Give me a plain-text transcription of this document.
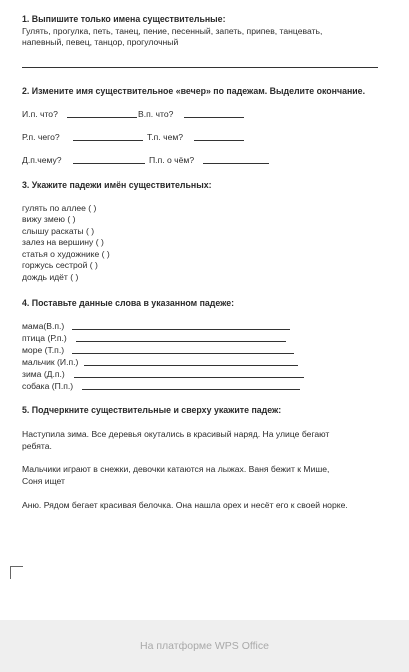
1. Выпишите только имена существительные:
Гулять, прогулка, петь, танец, пение, песенный, запеть, припев, танцевать,
напевный, певец, танцор, прогулочный
2. Измените имя существительное «вечер» по падежам. Выделите окончание.
И.п. что?	В.п. что?
Р.п. чего?	Т.п. чем?
Д.п.чему?	П.п. о чём?
3. Укажите падежи имён существительных:
гулять по аллее ( )
вижу змею ( )
слышу раскаты ( )
залез на вершину ( )
статья о художнике ( )
горжусь сестрой ( )
дождь идёт ( )
4. Поставьте данные слова в указанном падеже:
мама(В.п.)
птица (Р.п.)
море (Т.п.)
мальчик (И.п.)
зима (Д.п.)
собака (П.п.)
5. Подчеркните существительные и сверху укажите падеж:
Наступила зима. Все деревья окутались в красивый наряд. На улице бегают
ребята.
Мальчики играют в снежки, девочки катаются на лыжах. Ваня бежит к Мише,
Соня ищет
Аню. Рядом бегает красивая белочка. Она нашла орех и несёт его к своей норке.
На платформе WPS Office
